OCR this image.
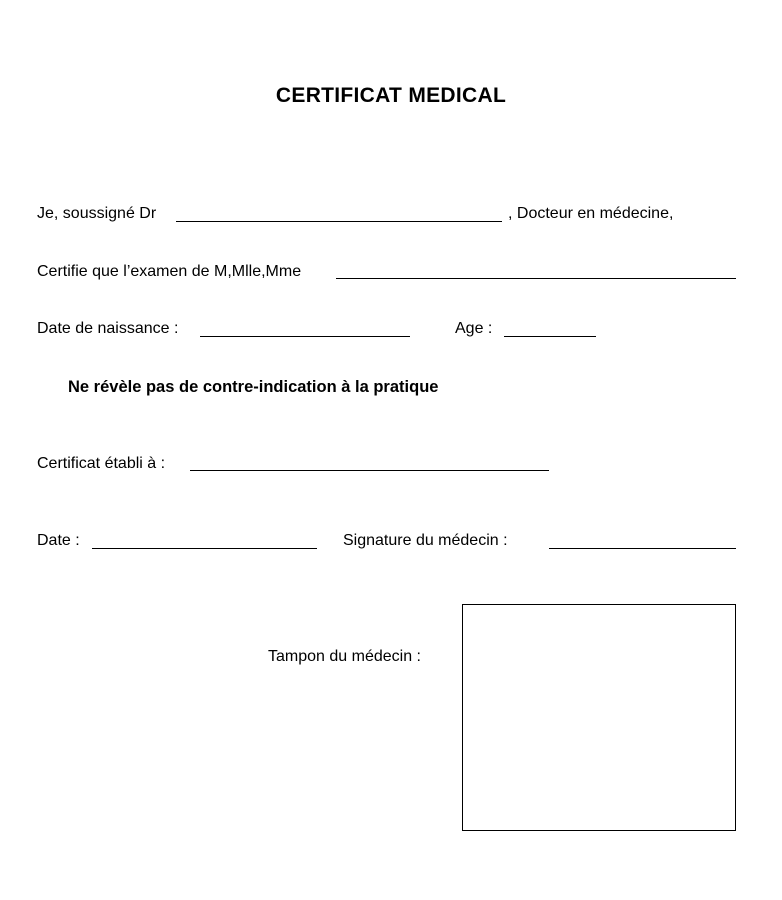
CERTIFICAT MEDICAL
Je, soussigné Dr	, Docteur en médecine,
Certifie que l’examen de M,Mlle,Mme
Date de naissance :	Age :
Ne révèle pas de contre-indication à la pratique
Certificat établi à :
Date :	Signature du médecin :
Tampon du médecin :
